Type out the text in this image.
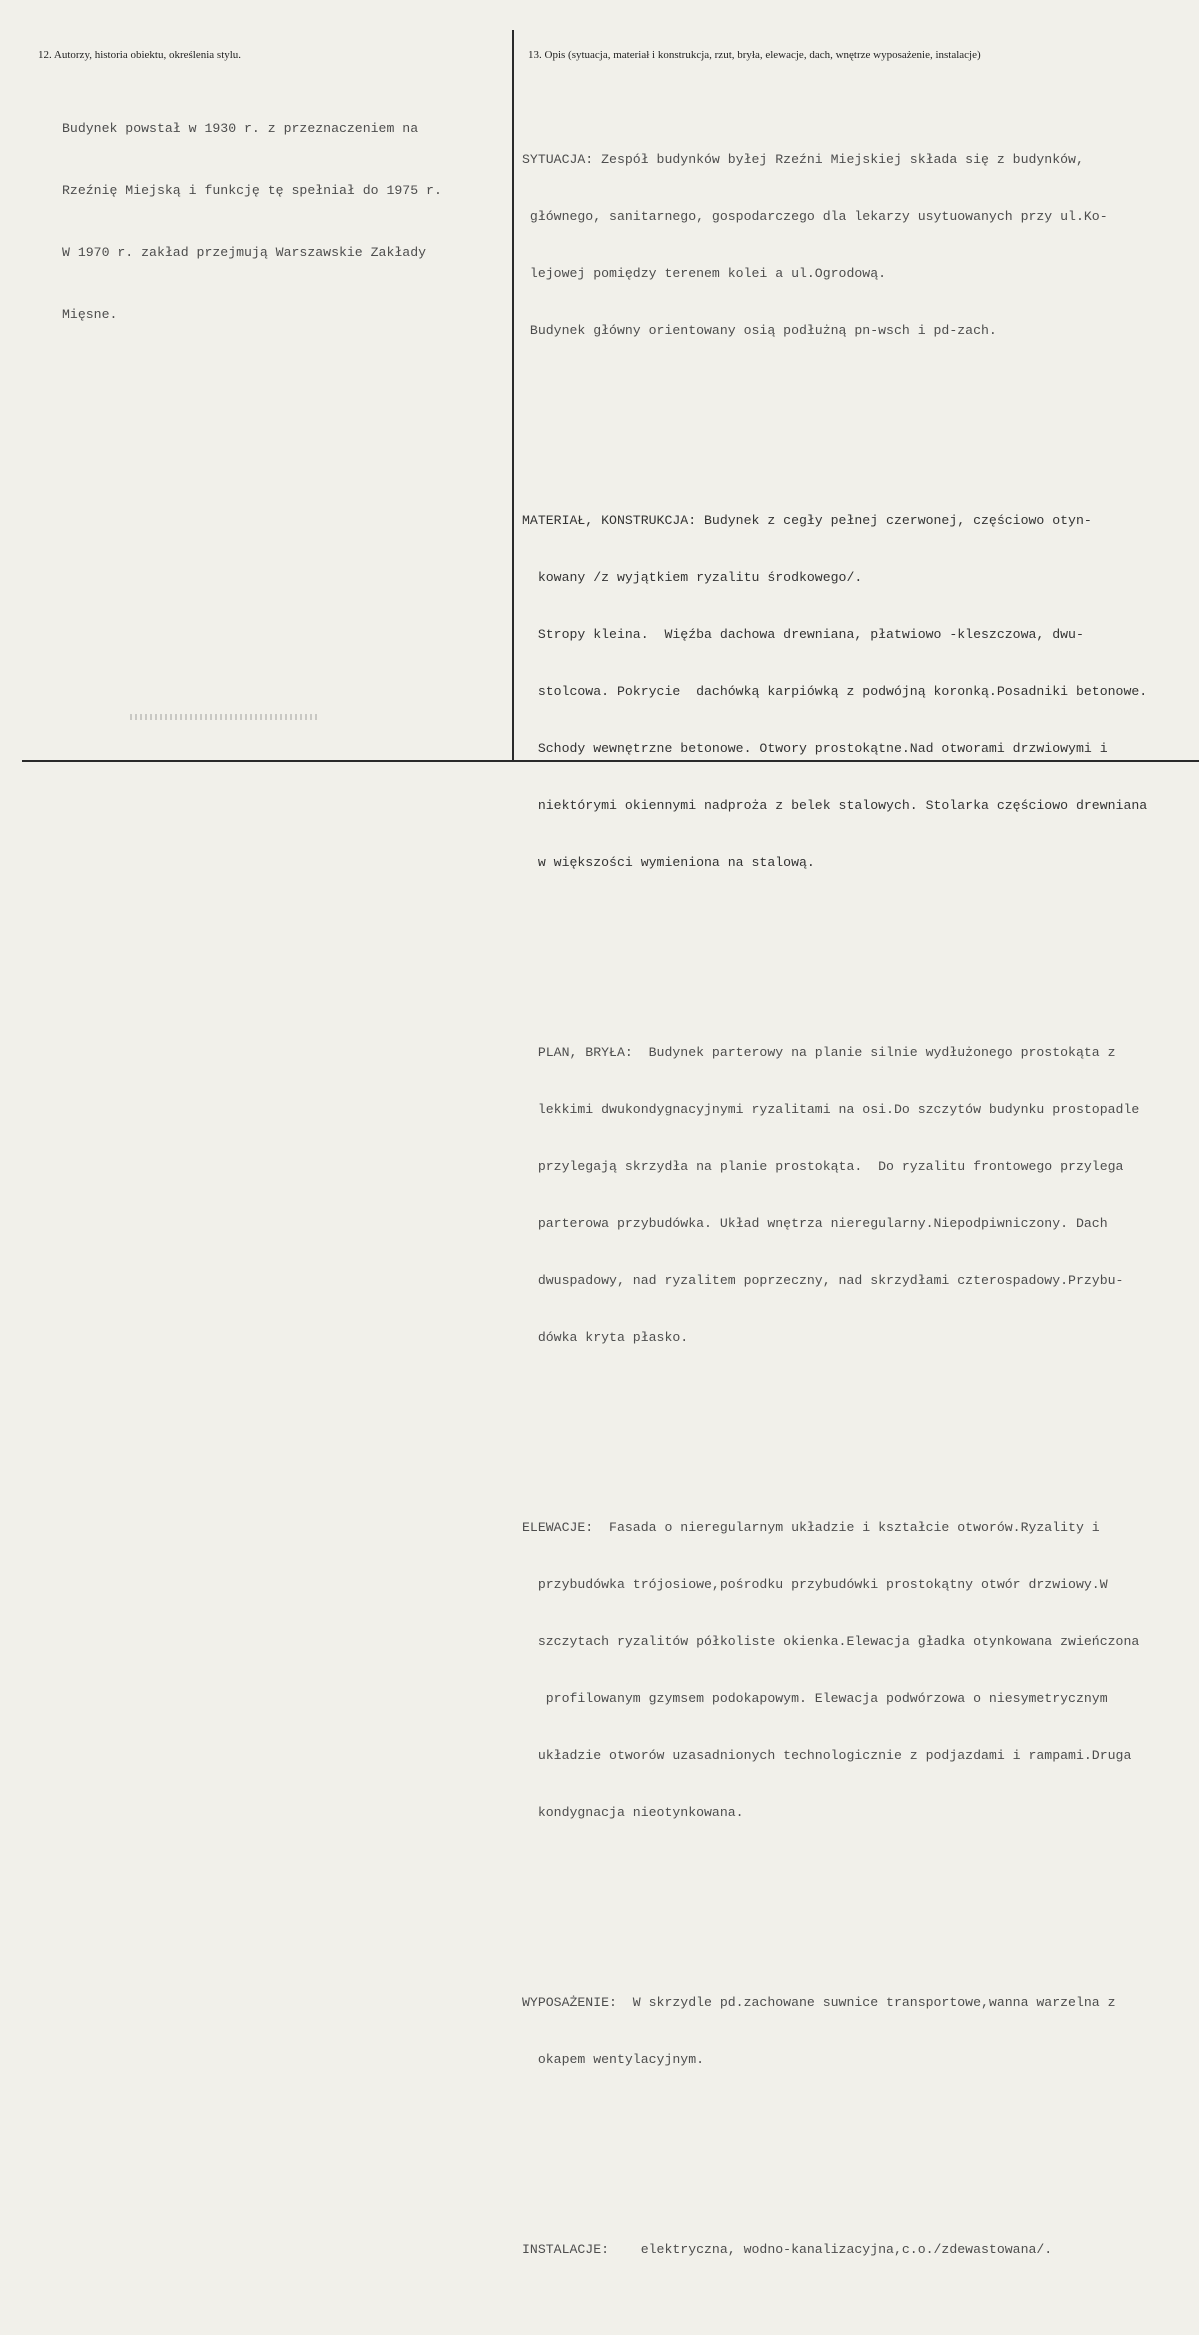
12. Autorzy, historia obiektu, określenia stylu.	13. Opis (sytuacja, materiał i konstrukcja, rzut, bryła, elewacje, dach, wnętrze wyposażenie, instalacje)

Budynek powstał w 1930 r. z przeznaczeniem na

Rzeźnię Miejską i funkcję tę spełniał do 1975 r.

W 1970 r. zakład przejmują Warszawskie Zakłady

Mięsne.

SYTUACJA: Zespół budynków byłej Rzeźni Miejskiej składa się z budynków,

głównego, sanitarnego, gospodarczego dla lekarzy usytuowanych przy ul.Ko-

lejowej pomiędzy terenem kolei a ul.Ogrodową.

Budynek główny orientowany osią podłużną pn-wsch i pd-zach.

MATERIAŁ, KONSTRUKCJA: Budynek z cegły pełnej czerwonej, częściowo otyn-

kowany /z wyjątkiem ryzalitu środkowego/.

Stropy kleina.  Więźba dachowa drewniana, płatwiowo -kleszczowa, dwu-

stolcowa. Pokrycie  dachówką karpiówką z podwójną koronką.Posadniki betonowe.

Schody wewnętrzne betonowe. Otwory prostokątne.Nad otworami drzwiowymi i

niektórymi okiennymi nadproża z belek stalowych. Stolarka częściowo drewniana

w większości wymieniona na stalową.

PLAN, BRYŁA:  Budynek parterowy na planie silnie wydłużonego prostokąta z

lekkimi dwukondygnacyjnymi ryzalitami na osi.Do szczytów budynku prostopadle

przylegają skrzydła na planie prostokąta.  Do ryzalitu frontowego przylega

parterowa przybudówka. Układ wnętrza nieregularny.Niepodpiwniczony. Dach

dwuspadowy, nad ryzalitem poprzeczny, nad skrzydłami czterospadowy.Przybu-

dówka kryta płasko.

ELEWACJE:  Fasada o nieregularnym układzie i kształcie otworów.Ryzality i

przybudówka trójosiowe,pośrodku przybudówki prostokątny otwór drzwiowy.W

szczytach ryzalitów półkoliste okienka.Elewacja gładka otynkowana zwieńczona

profilowanym gzymsem podokapowym. Elewacja podwórzowa o niesymetrycznym

układzie otworów uzasadnionych technologicznie z podjazdami i rampami.Druga

kondygnacja nieotynkowana.

WYPOSAŻENIE:  W skrzydle pd.zachowane suwnice transportowe,wanna warzelna z

okapem wentylacyjnym.

INSTALACJE:    elektryczna, wodno-kanalizacyjna,c.o./zdewastowana/.
